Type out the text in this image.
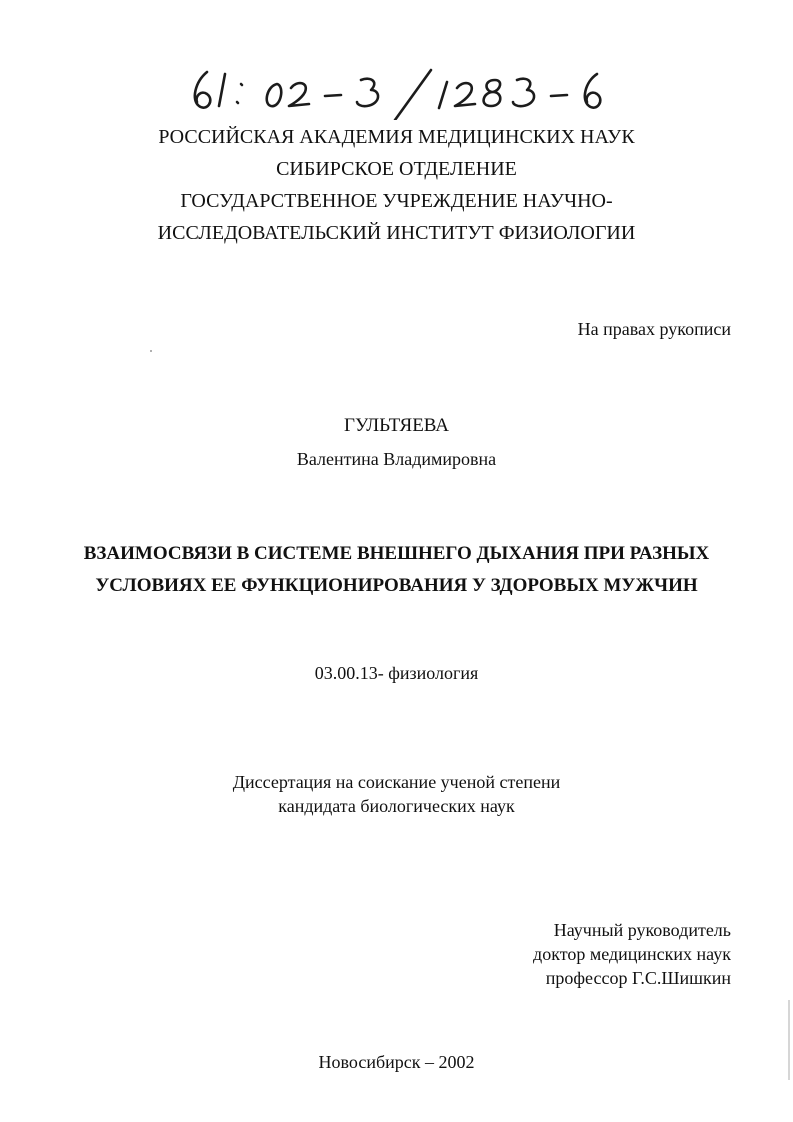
РОССИЙСКАЯ АКАДЕМИЯ МЕДИЦИНСКИХ НАУК
СИБИРСКОЕ ОТДЕЛЕНИЕ
ГОСУДАРСТВЕННОЕ УЧРЕЖДЕНИЕ НАУЧНО-
ИССЛЕДОВАТЕЛЬСКИЙ ИНСТИТУТ ФИЗИОЛОГИИ
На правах рукописи
ГУЛЬТЯЕВА
Валентина Владимировна
ВЗАИМОСВЯЗИ В СИСТЕМЕ ВНЕШНЕГО ДЫХАНИЯ ПРИ РАЗНЫХ
УСЛОВИЯХ ЕЕ ФУНКЦИОНИРОВАНИЯ У ЗДОРОВЫХ МУЖЧИН
03.00.13- физиология
Диссертация на соискание ученой степени
кандидата биологических наук
Научный руководитель
доктор медицинских наук
профессор Г.С.Шишкин
Новосибирск – 2002
